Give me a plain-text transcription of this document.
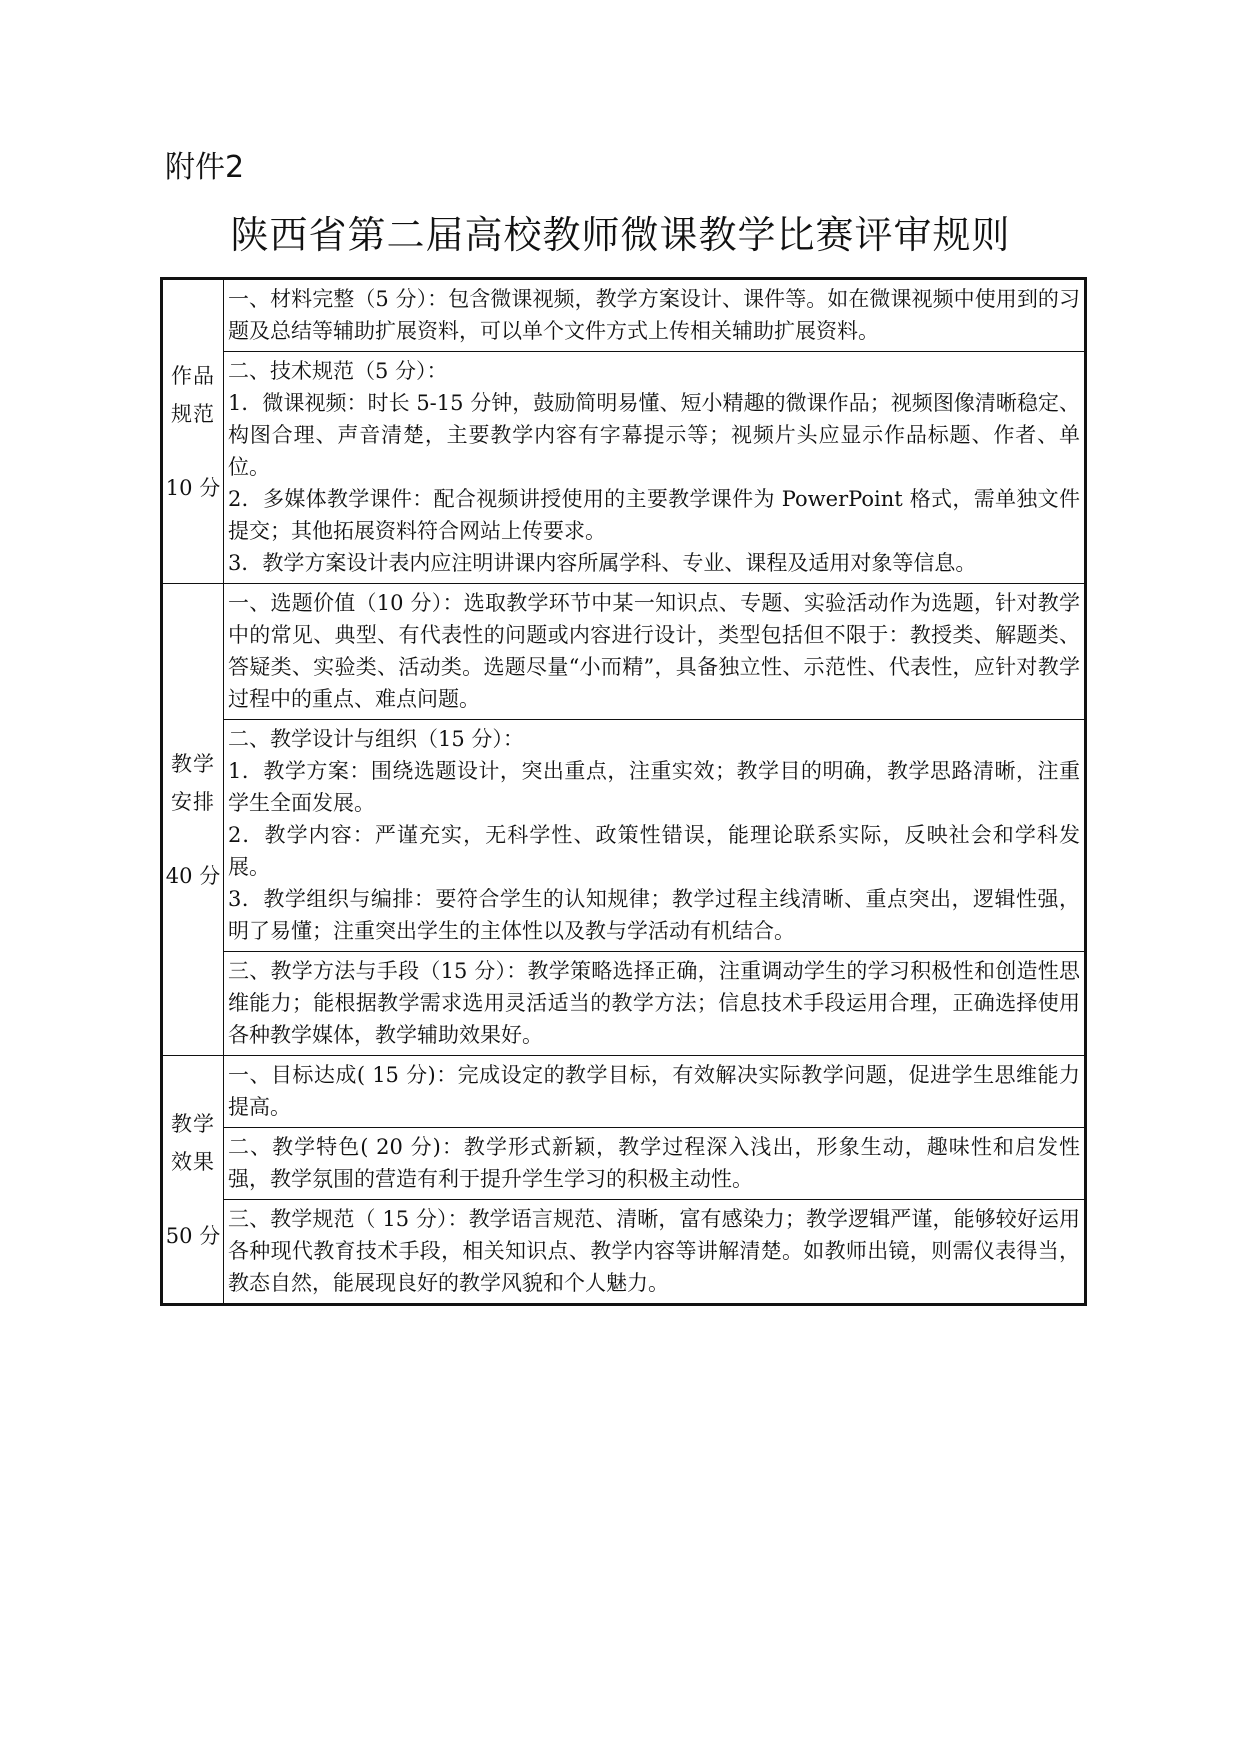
附件2
陕西省第二届高校教师微课教学比赛评审规则
作品规范
10 分	一、材料完整（5 分）：包含微课视频，教学方案设计、课件等。如在微课视频中使用到的习题及总结等辅助扩展资料，可以单个文件方式上传相关辅助扩展资料。

	二、技术规范（5 分）：
1．微课视频：时长 5-15 分钟，鼓励简明易懂、短小精趣的微课作品；视频图像清晰稳定、构图合理、声音清楚，主要教学内容有字幕提示等；视频片头应显示作品标题、作者、单位。
2．多媒体教学课件：配合视频讲授使用的主要教学课件为 PowerPoint 格式，需单独文件提交；其他拓展资料符合网站上传要求。
3．教学方案设计表内应注明讲课内容所属学科、专业、课程及适用对象等信息。

教学安排
40 分	一、选题价值（10 分）：选取教学环节中某一知识点、专题、实验活动作为选题，针对教学中的常见、典型、有代表性的问题或内容进行设计，类型包括但不限于：教授类、解题类、答疑类、实验类、活动类。选题尽量“小而精”，具备独立性、示范性、代表性，应针对教学过程中的重点、难点问题。

	二、教学设计与组织（15 分）：
1．教学方案：围绕选题设计，突出重点，注重实效；教学目的明确，教学思路清晰，注重学生全面发展。
2．教学内容：严谨充实，无科学性、政策性错误，能理论联系实际，反映社会和学科发展。
3．教学组织与编排：要符合学生的认知规律；教学过程主线清晰、重点突出，逻辑性强，明了易懂；注重突出学生的主体性以及教与学活动有机结合。

	三、教学方法与手段（15 分）：教学策略选择正确，注重调动学生的学习积极性和创造性思维能力；能根据教学需求选用灵活适当的教学方法；信息技术手段运用合理，正确选择使用各种教学媒体，教学辅助效果好。

教学效果
50 分	一、目标达成( 15 分)：完成设定的教学目标，有效解决实际教学问题，促进学生思维能力提高。

	二、教学特色( 20 分)：教学形式新颖，教学过程深入浅出，形象生动，趣味性和启发性强，教学氛围的营造有利于提升学生学习的积极主动性。

	三、教学规范（ 15 分）：教学语言规范、清晰，富有感染力；教学逻辑严谨，能够较好运用各种现代教育技术手段，相关知识点、教学内容等讲解清楚。如教师出镜，则需仪表得当，教态自然，能展现良好的教学风貌和个人魅力。
